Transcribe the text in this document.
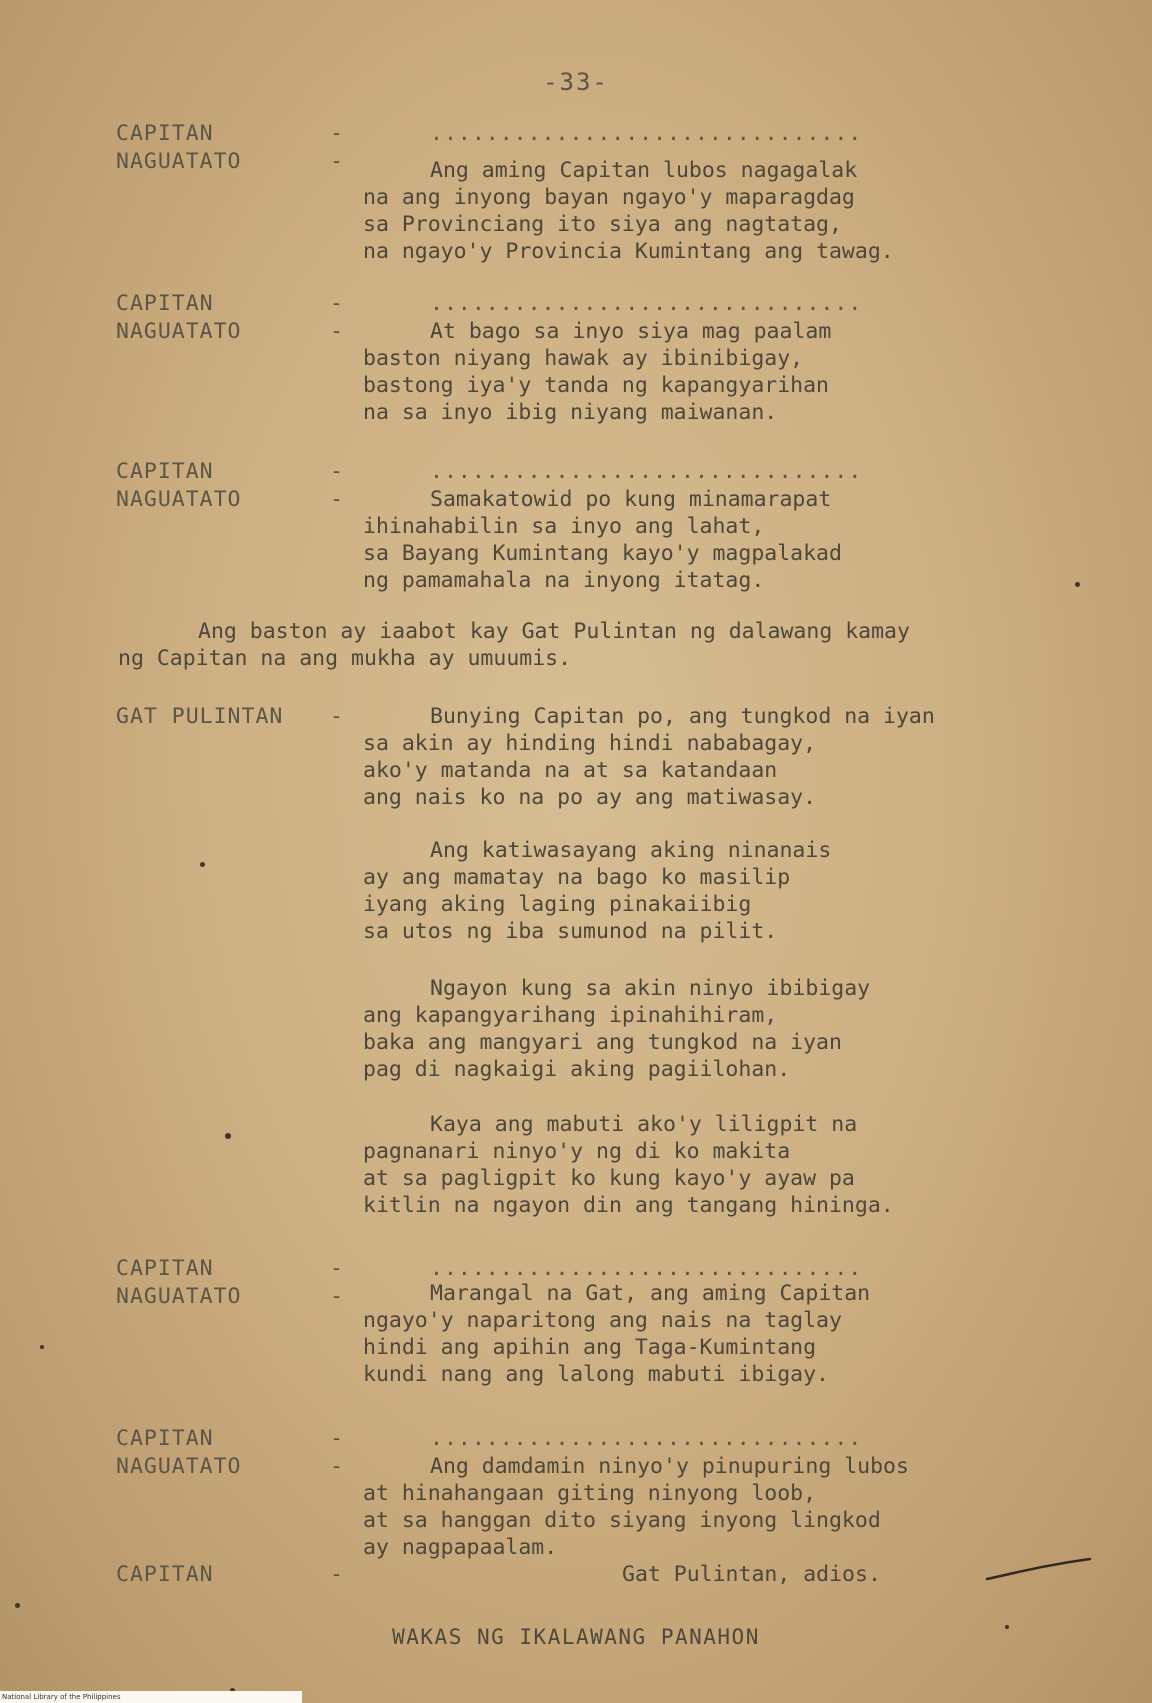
-33-
CAPITAN	-	...............................
NAGUATATO	-	Ang aming Capitan lubos nagagalak
na ang inyong bayan ngayo'y maparagdag
sa Provinciang ito siya ang nagtatag,
na ngayo'y Provincia Kumintang ang tawag.
CAPITAN	-	...............................
NAGUATATO	-	At bago sa inyo siya mag paalam
baston niyang hawak ay ibinibigay,
bastong iya'y tanda ng kapangyarihan
na sa inyo ibig niyang maiwanan.
CAPITAN	-	...............................
NAGUATATO	-	Samakatowid po kung minamarapat
ihinahabilin sa inyo ang lahat,
sa Bayang Kumintang kayo'y magpalakad
ng pamamahala na inyong itatag.
Ang baston ay iaabot kay Gat Pulintan ng dalawang kamay
ng Capitan na ang mukha ay umuumis.
GAT PULINTAN -	Bunying Capitan po, ang tungkod na iyan
sa akin ay hinding hindi nababagay,
ako'y matanda na at sa katandaan
ang nais ko na po ay ang matiwasay.
Ang katiwasayang aking ninanais
ay ang mamatay na bago ko masilip
iyang aking laging pinakaiibig
sa utos ng iba sumunod na pilit.
Ngayon kung sa akin ninyo ibibigay
ang kapangyarihang ipinahihiram,
baka ang mangyari ang tungkod na iyan
pag di nagkaigi aking pagiilohan.
Kaya ang mabuti ako'y liligpit na
pagnanari ninyo'y ng di ko makita
at sa pagligpit ko kung kayo'y ayaw pa
kitlin na ngayon din ang tangang hininga.
CAPITAN	-	...............................
NAGUATATO	-	Marangal na Gat, ang aming Capitan
ngayo'y naparitong ang nais na taglay
hindi ang apihin ang Taga-Kumintang
kundi nang ang lalong mabuti ibigay.
CAPITAN	-	...............................
NAGUATATO	-	Ang damdamin ninyo'y pinupuring lubos
at hinahangaan giting ninyong loob,
at sa hanggan dito siyang inyong lingkod
ay nagpapaalam.
CAPITAN	-	Gat Pulintan, adios.
WAKAS NG IKALAWANG PANAHON
National Library of the Philippines
